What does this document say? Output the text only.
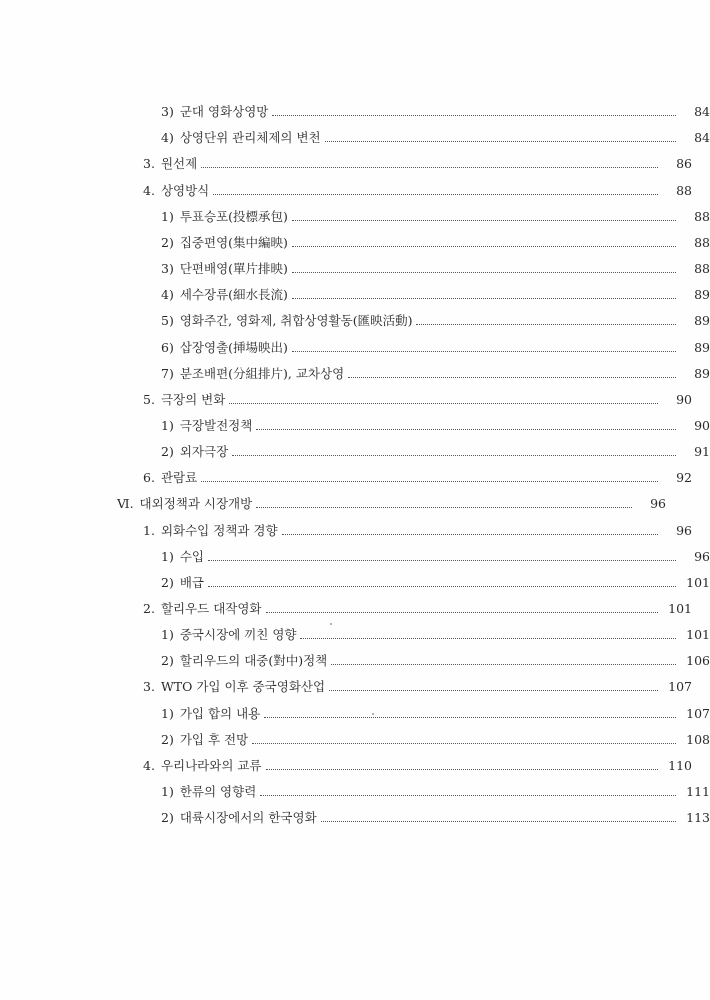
3) 군대 영화상영망	84
4) 상영단위 관리체제의 변천	84
3. 원선제	86
4. 상영방식	88
1) 투표승포(投標承包)	88
2) 집중편영(集中編映)	88
3) 단편배영(單片排映)	88
4) 세수장류(細水長流)	89
5) 영화주간, 영화제, 취합상영활동(匯映活動)	89
6) 삽장영출(挿場映出)	89
7) 분조배편(分組排片), 교차상영	89
5. 극장의 변화	90
1) 극장발전정책	90
2) 외자극장	91
6. 관람료	92
Ⅵ. 대외정책과 시장개방	96
1. 외화수입 정책과 경향	96
1) 수입	96
2) 배급	101
2. 할리우드 대작영화	101
1) 중국시장에 끼친 영향	101
2) 할리우드의 대중(對中)정책	106
3. WTO 가입 이후 중국영화산업	107
1) 가입 합의 내용	107
2) 가입 후 전망	108
4. 우리나라와의 교류	110
1) 한류의 영향력	111
2) 대륙시장에서의 한국영화	113
